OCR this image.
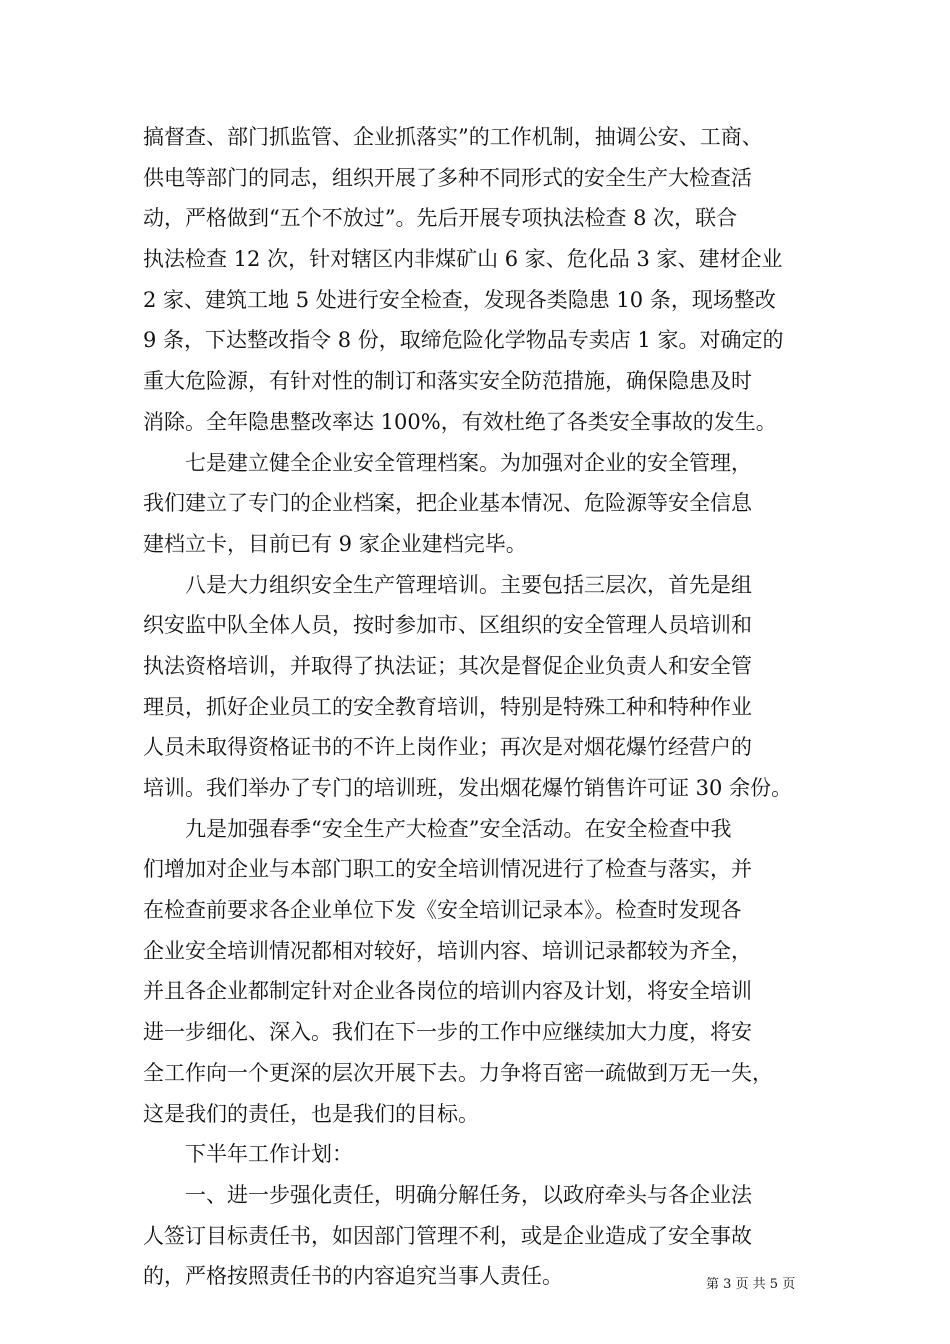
搞督查、部门抓监管、企业抓落实”的工作机制，抽调公安、工商、
供电等部门的同志，组织开展了多种不同形式的安全生产大检查活
动，严格做到“五个不放过”。先后开展专项执法检查 8 次，联合
执法检查 12 次，针对辖区内非煤矿山 6 家、危化品 3 家、建材企业
2 家、建筑工地 5 处进行安全检查，发现各类隐患 10 条，现场整改
9 条，下达整改指令 8 份，取缔危险化学物品专卖店 1 家。对确定的
重大危险源，有针对性的制订和落实安全防范措施，确保隐患及时
消除。全年隐患整改率达 100%，有效杜绝了各类安全事故的发生。
七是建立健全企业安全管理档案。为加强对企业的安全管理，
我们建立了专门的企业档案，把企业基本情况、危险源等安全信息
建档立卡，目前已有 9 家企业建档完毕。
八是大力组织安全生产管理培训。主要包括三层次，首先是组
织安监中队全体人员，按时参加市、区组织的安全管理人员培训和
执法资格培训，并取得了执法证；其次是督促企业负责人和安全管
理员，抓好企业员工的安全教育培训，特别是特殊工种和特种作业
人员未取得资格证书的不许上岗作业；再次是对烟花爆竹经营户的
培训。我们举办了专门的培训班，发出烟花爆竹销售许可证 30 余份。
九是加强春季“安全生产大检查”安全活动。在安全检查中我
们增加对企业与本部门职工的安全培训情况进行了检查与落实，并
在检查前要求各企业单位下发《安全培训记录本》。检查时发现各
企业安全培训情况都相对较好，培训内容、培训记录都较为齐全，
并且各企业都制定针对企业各岗位的培训内容及计划，将安全培训
进一步细化、深入。我们在下一步的工作中应继续加大力度，将安
全工作向一个更深的层次开展下去。力争将百密一疏做到万无一失，
这是我们的责任，也是我们的目标。
下半年工作计划：
一、进一步强化责任，明确分解任务，以政府牵头与各企业法
人签订目标责任书，如因部门管理不利，或是企业造成了安全事故
的，严格按照责任书的内容追究当事人责任。	第 3 页 共 5 页
